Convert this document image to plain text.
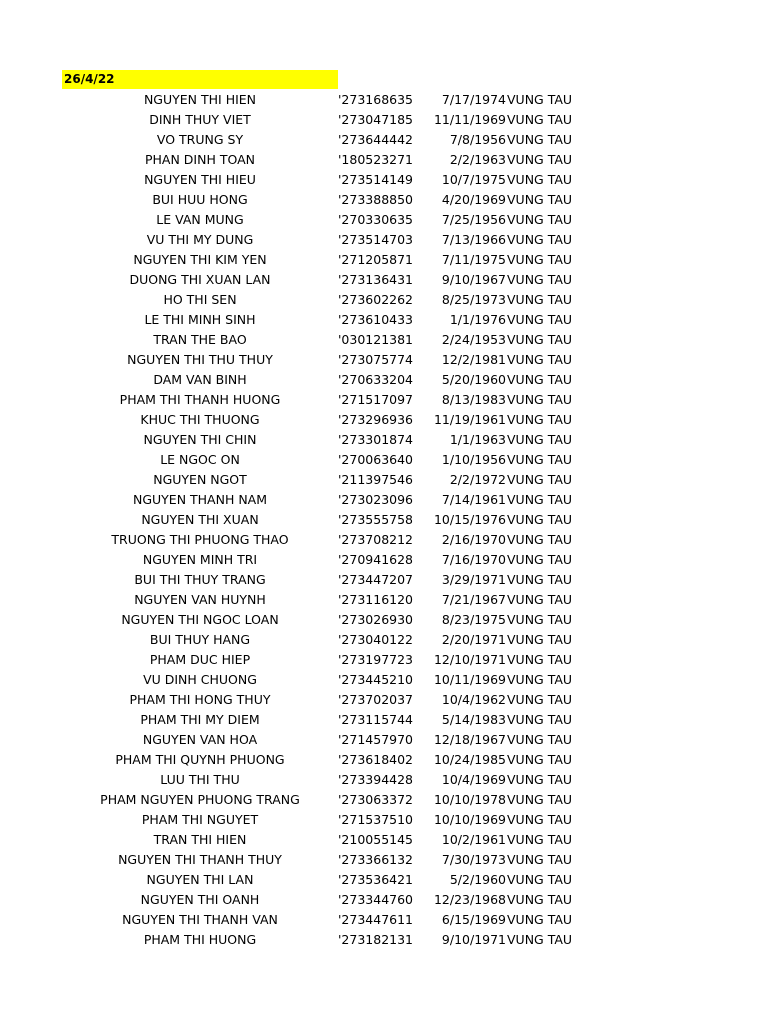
26/4/22
NGUYEN THI HIEN	'273168635	7/17/1974 VUNG TAU
DINH THUY VIET	'273047185	11/11/1969 VUNG TAU
VO TRUNG SY	'273644442	7/8/1956 VUNG TAU
PHAN DINH TOAN	'180523271	2/2/1963 VUNG TAU
NGUYEN THI HIEU	'273514149	10/7/1975 VUNG TAU
BUI HUU HONG	'273388850	4/20/1969 VUNG TAU
LE VAN MUNG	'270330635	7/25/1956 VUNG TAU
VU THI MY DUNG	'273514703	7/13/1966 VUNG TAU
NGUYEN THI KIM YEN	'271205871	7/11/1975 VUNG TAU
DUONG THI XUAN LAN	'273136431	9/10/1967 VUNG TAU
HO THI SEN	'273602262	8/25/1973 VUNG TAU
LE THI MINH SINH	'273610433	1/1/1976 VUNG TAU
TRAN THE BAO	'030121381	2/24/1953 VUNG TAU
NGUYEN THI THU THUY	'273075774	12/2/1981 VUNG TAU
DAM VAN BINH	'270633204	5/20/1960 VUNG TAU
PHAM THI THANH HUONG	'271517097	8/13/1983 VUNG TAU
KHUC THI THUONG	'273296936	11/19/1961 VUNG TAU
NGUYEN THI CHIN	'273301874	1/1/1963 VUNG TAU
LE NGOC ON	'270063640	1/10/1956 VUNG TAU
NGUYEN NGOT	'211397546	2/2/1972 VUNG TAU
NGUYEN THANH NAM	'273023096	7/14/1961 VUNG TAU
NGUYEN THI XUAN	'273555758	10/15/1976 VUNG TAU
TRUONG THI PHUONG THAO	'273708212	2/16/1970 VUNG TAU
NGUYEN MINH TRI	'270941628	7/16/1970 VUNG TAU
BUI THI THUY TRANG	'273447207	3/29/1971 VUNG TAU
NGUYEN VAN HUYNH	'273116120	7/21/1967 VUNG TAU
NGUYEN THI NGOC LOAN	'273026930	8/23/1975 VUNG TAU
BUI THUY HANG	'273040122	2/20/1971 VUNG TAU
PHAM DUC HIEP	'273197723	12/10/1971 VUNG TAU
VU DINH CHUONG	'273445210	10/11/1969 VUNG TAU
PHAM THI HONG THUY	'273702037	10/4/1962 VUNG TAU
PHAM THI MY DIEM	'273115744	5/14/1983 VUNG TAU
NGUYEN VAN HOA	'271457970	12/18/1967 VUNG TAU
PHAM THI QUYNH PHUONG	'273618402	10/24/1985 VUNG TAU
LUU THI THU	'273394428	10/4/1969 VUNG TAU
PHAM NGUYEN PHUONG TRANG	'273063372	10/10/1978 VUNG TAU
PHAM THI NGUYET	'271537510	10/10/1969 VUNG TAU
TRAN THI HIEN	'210055145	10/2/1961 VUNG TAU
NGUYEN THI THANH THUY	'273366132	7/30/1973 VUNG TAU
NGUYEN THI LAN	'273536421	5/2/1960 VUNG TAU
NGUYEN THI OANH	'273344760	12/23/1968 VUNG TAU
NGUYEN THI THANH VAN	'273447611	6/15/1969 VUNG TAU
PHAM THI HUONG	'273182131	9/10/1971 VUNG TAU
